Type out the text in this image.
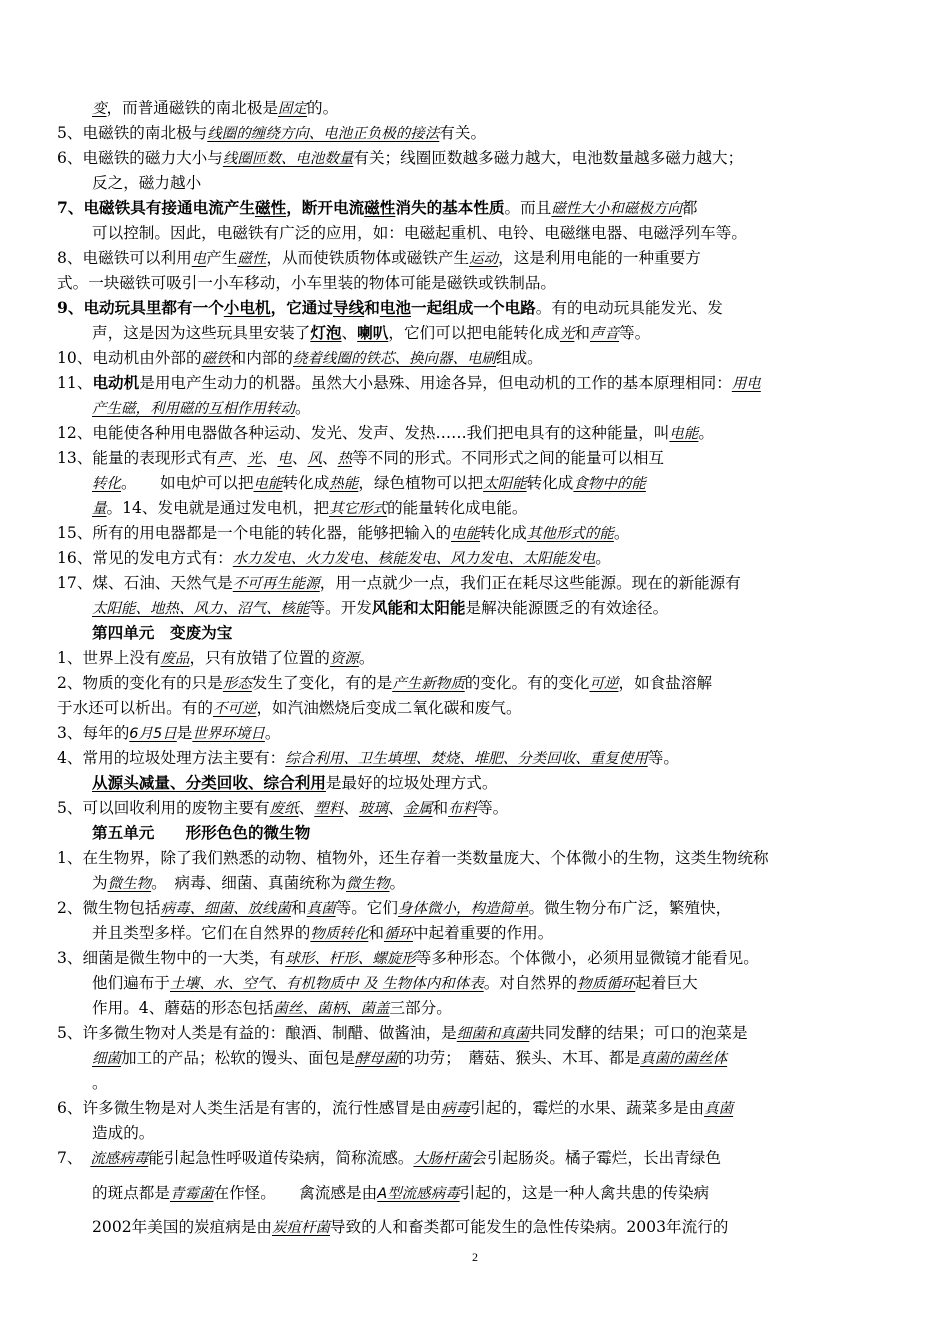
变，而普通磁铁的南北极是固定的。
5、电磁铁的南北极与线圈的缠绕方向、电池正负极的接法有关。
6、电磁铁的磁力大小与线圈匝数、电池数量有关；线圈匝数越多磁力越大，电池数量越多磁力越大；
反之，磁力越小
7、电磁铁具有接通电流产生磁性，断开电流磁性消失的基本性质。而且磁性大小和磁极方向都
可以控制。因此，电磁铁有广泛的应用，如：电磁起重机、电铃、电磁继电器、电磁浮列车等。
8、电磁铁可以利用电产生磁性，从而使铁质物体或磁铁产生运动，这是利用电能的一种重要方
式。一块磁铁可吸引一小车移动，小车里装的物体可能是磁铁或铁制品。
9、电动玩具里都有一个小电机，它通过导线和电池一起组成一个电路。有的电动玩具能发光、发
声，这是因为这些玩具里安装了灯泡、喇叭，它们可以把电能转化成光和声音等。
10、电动机由外部的磁铁和内部的绕着线圈的铁芯、换向器、电刷组成。
11、电动机是用电产生动力的机器。虽然大小悬殊、用途各异，但电动机的工作的基本原理相同：用电
产生磁，利用磁的互相作用转动。
12、电能使各种用电器做各种运动、发光、发声、发热……我们把电具有的这种能量，叫电能。
13、能量的表现形式有声、光、电、风、热等不同的形式。不同形式之间的能量可以相互
转化。　　如电炉可以把电能转化成热能，绿色植物可以把太阳能转化成食物中的能
量。14、发电就是通过发电机，把其它形式的能量转化成电能。
15、所有的用电器都是一个电能的转化器，能够把输入的电能转化成其他形式的能。
16、常见的发电方式有：水力发电、火力发电、核能发电、风力发电、太阳能发电。
17、煤、石油、天然气是不可再生能源，用一点就少一点，我们正在耗尽这些能源。现在的新能源有
太阳能、地热、风力、沼气、核能等。开发风能和太阳能是解决能源匮乏的有效途径。
第四单元　变废为宝
1、世界上没有废品，只有放错了位置的资源。
2、物质的变化有的只是形态发生了变化，有的是产生新物质的变化。有的变化可逆，如食盐溶解
于水还可以析出。有的不可逆，如汽油燃烧后变成二氧化碳和废气。
3、每年的6月5日是世界环境日。
4、常用的垃圾处理方法主要有：综合利用、卫生填埋、焚烧、堆肥、分类回收、重复使用等。
从源头减量、分类回收、综合利用是最好的垃圾处理方式。
5、可以回收利用的废物主要有废纸、塑料、玻璃、金属和布料等。
第五单元　　形形色色的微生物
1、在生物界，除了我们熟悉的动物、植物外，还生存着一类数量庞大、个体微小的生物，这类生物统称
为微生物。　病毒、细菌、真菌统称为微生物。
2、微生物包括病毒、细菌、放线菌和真菌等。它们身体微小，构造简单。微生物分布广泛，繁殖快，
并且类型多样。它们在自然界的物质转化和循环中起着重要的作用。
3、细菌是微生物中的一大类，有球形、杆形、螺旋形等多种形态。个体微小，必须用显微镜才能看见。
他们遍布于土壤、水、空气、有机物质中 及 生物体内和体表。对自然界的物质循环起着巨大
作用。4、蘑菇的形态包括菌丝、菌柄、菌盖三部分。
5、许多微生物对人类是有益的：酿酒、制醋、做酱油，是细菌和真菌共同发酵的结果；可口的泡菜是
细菌加工的产品；松软的馒头、面包是酵母菌的功劳；　蘑菇、猴头、木耳、都是真菌的菌丝体
。
6、许多微生物是对人类生活是有害的，流行性感冒是由病毒引起的，霉烂的水果、蔬菜多是由真菌
造成的。
7、　流感病毒能引起急性呼吸道传染病，简称流感。大肠杆菌会引起肠炎。橘子霉烂，长出青绿色
的斑点都是青霉菌在作怪。　　禽流感是由A型流感病毒引起的，这是一种人禽共患的传染病
2002年美国的炭疽病是由炭疽杆菌导致的人和畜类都可能发生的急性传染病。2003年流行的
2
